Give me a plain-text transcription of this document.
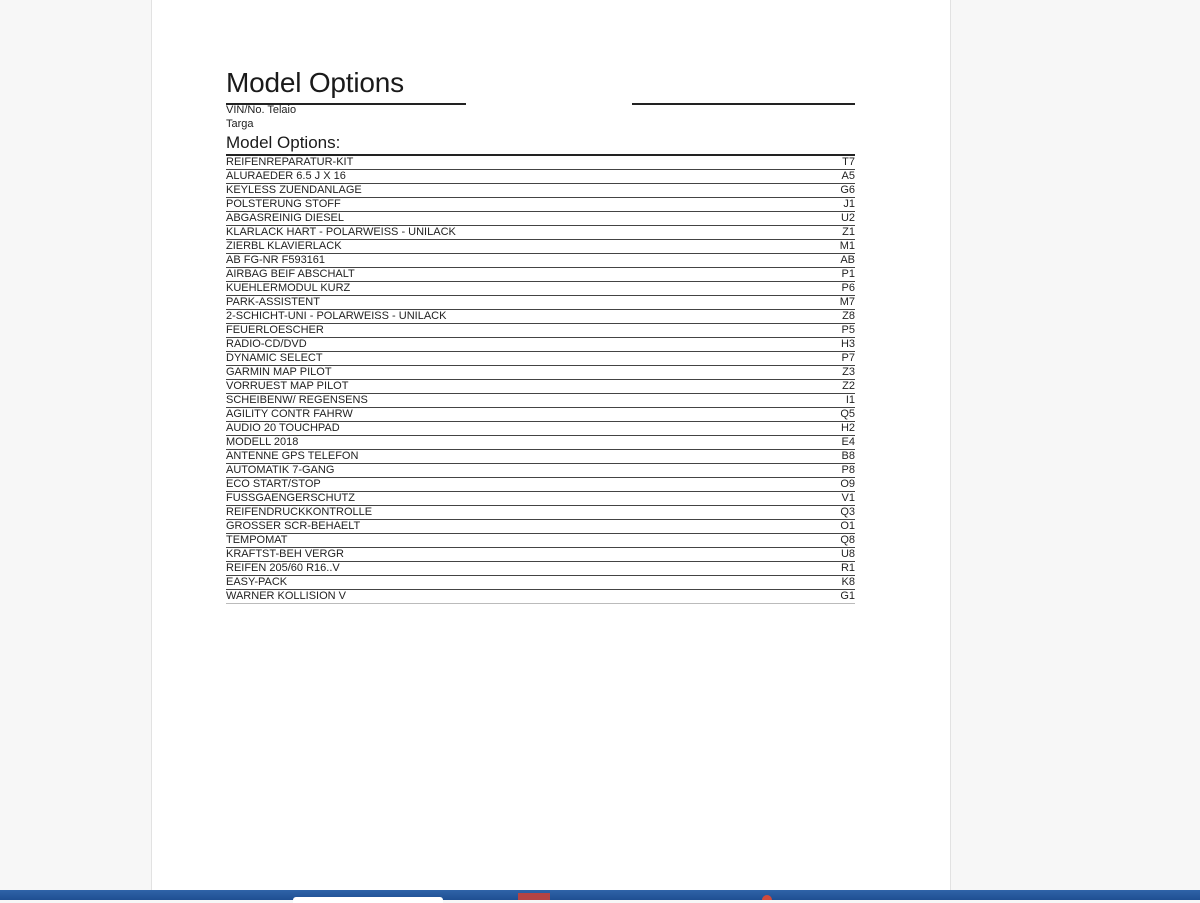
Model Options
VIN/No. Telaio
Targa
Model Options:
REIFENREPARATUR-KIT	T7
ALURAEDER 6.5 J X 16	A5
KEYLESS ZUENDANLAGE	G6
POLSTERUNG STOFF	J1
ABGASREINIG DIESEL	U2
KLARLACK HART - POLARWEISS - UNILACK	Z1
ZIERBL KLAVIERLACK	M1
AB FG-NR F593161	AB
AIRBAG BEIF ABSCHALT	P1
KUEHLERMODUL KURZ	P6
PARK-ASSISTENT	M7
2-SCHICHT-UNI - POLARWEISS - UNILACK	Z8
FEUERLOESCHER	P5
RADIO-CD/DVD	H3
DYNAMIC SELECT	P7
GARMIN MAP PILOT	Z3
VORRUEST MAP PILOT	Z2
SCHEIBENW/ REGENSENS	I1
AGILITY CONTR FAHRW	Q5
AUDIO 20 TOUCHPAD	H2
MODELL 2018	E4
ANTENNE GPS TELEFON	B8
AUTOMATIK 7-GANG	P8
ECO START/STOP	O9
FUSSGAENGERSCHUTZ	V1
REIFENDRUCKKONTROLLE	Q3
GROSSER SCR-BEHAELT	O1
TEMPOMAT	Q8
KRAFTST-BEH VERGR	U8
REIFEN 205/60 R16..V	R1
EASY-PACK	K8
WARNER KOLLISION V	G1
